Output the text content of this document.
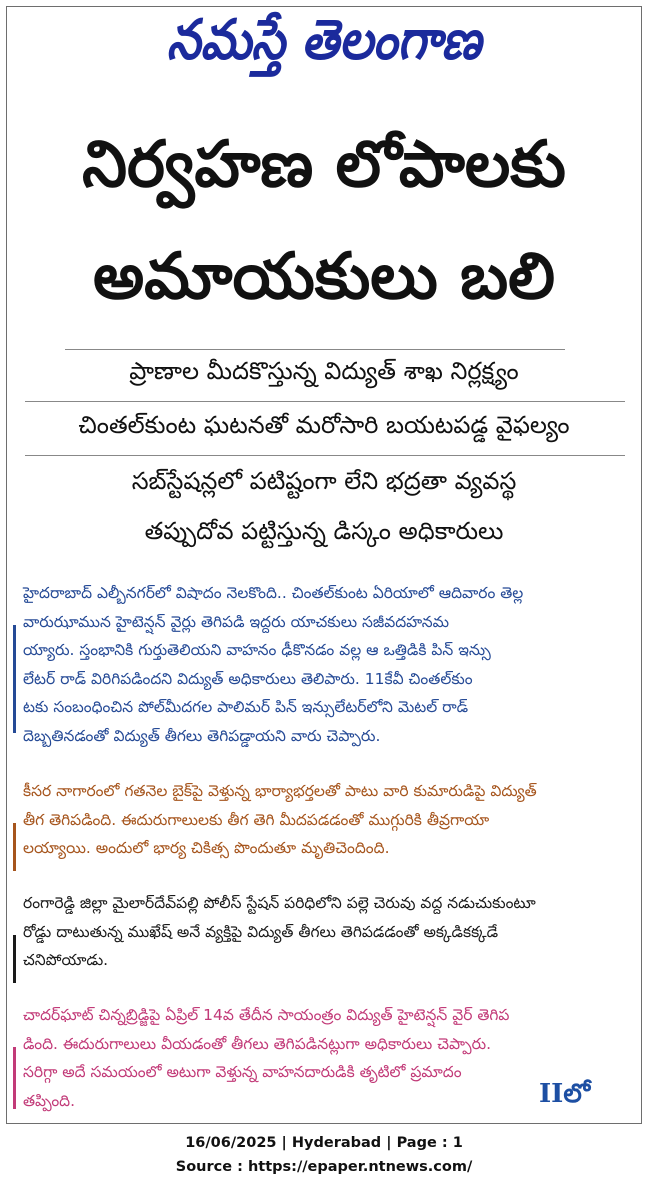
నమస్తే తెలంగాణ
నిర్వహణ లోపాలకు
అమాయకులు బలి
ప్రాణాల మీదకొస్తున్న విద్యుత్ శాఖ నిర్లక్ష్యం
చింతల్‌కుంట ఘటనతో మరోసారి బయటపడ్డ వైఫల్యం
సబ్‌స్టేషన్లలో పటిష్టంగా లేని భద్రతా వ్యవస్థ
తప్పుదోవ పట్టిస్తున్న డిస్కం అధికారులు
హైదరాబాద్ ఎల్బీనగర్‌లో విషాదం నెలకొంది.. చింతల్‌కుంట ఏరియాలో ఆదివారం తెల్ల
వారుఝామున హైటెన్షన్ వైర్లు తెగిపడి ఇద్దరు యాచకులు సజీవదహనమ
య్యారు. స్తంభానికి గుర్తుతెలియని వాహనం ఢీకొనడం వల్ల ఆ ఒత్తిడికి పిన్ ఇన్సు
లేటర్ రాడ్ విరిగిపడిందని విద్యుత్ అధికారులు తెలిపారు. 11కేవీ చింతల్‌కుం
టకు సంబంధించిన పోల్‌మీదగల పాలిమర్ పిన్ ఇన్సులేటర్‌లోని మెటల్ రాడ్
దెబ్బతినడంతో విద్యుత్ తీగలు తెగిపడ్డాయని వారు చెప్పారు.
కీసర నాగారంలో గతనెల బైక్‌పై వెళ్తున్న భార్యాభర్తలతో పాటు వారి కుమారుడిపై విద్యుత్
తీగ తెగిపడింది. ఈదురుగాలులకు తీగ తెగి మీదపడడంతో ముగ్గురికి తీవ్రగాయా
లయ్యాయి. అందులో భార్య చికిత్స పొందుతూ మృతిచెందింది.
రంగారెడ్డి జిల్లా మైలార్‌దేవ్‌పల్లి పోలీస్ స్టేషన్ పరిధిలోని పల్లె చెరువు వద్ద నడుచుకుంటూ
రోడ్డు దాటుతున్న ముఖేష్ అనే వ్యక్తిపై విద్యుత్ తీగలు తెగిపడడంతో అక్కడికక్కడే
చనిపోయాడు.
చాదర్‌ఘాట్ చిన్నబ్రిడ్జిపై ఏప్రిల్ 14వ తేదీన సాయంత్రం విద్యుత్ హైటెన్షన్ వైర్ తెగిప
డింది. ఈదురుగాలులు వీయడంతో తీగలు తెగిపడినట్లుగా అధికారులు చెప్పారు.
సరిగ్గా అదే సమయంలో అటుగా వెళ్తున్న వాహనదారుడికి తృటిలో ప్రమాదం
తప్పింది.	IIలో
16/06/2025 | Hyderabad | Page : 1
Source : https://epaper.ntnews.com/
